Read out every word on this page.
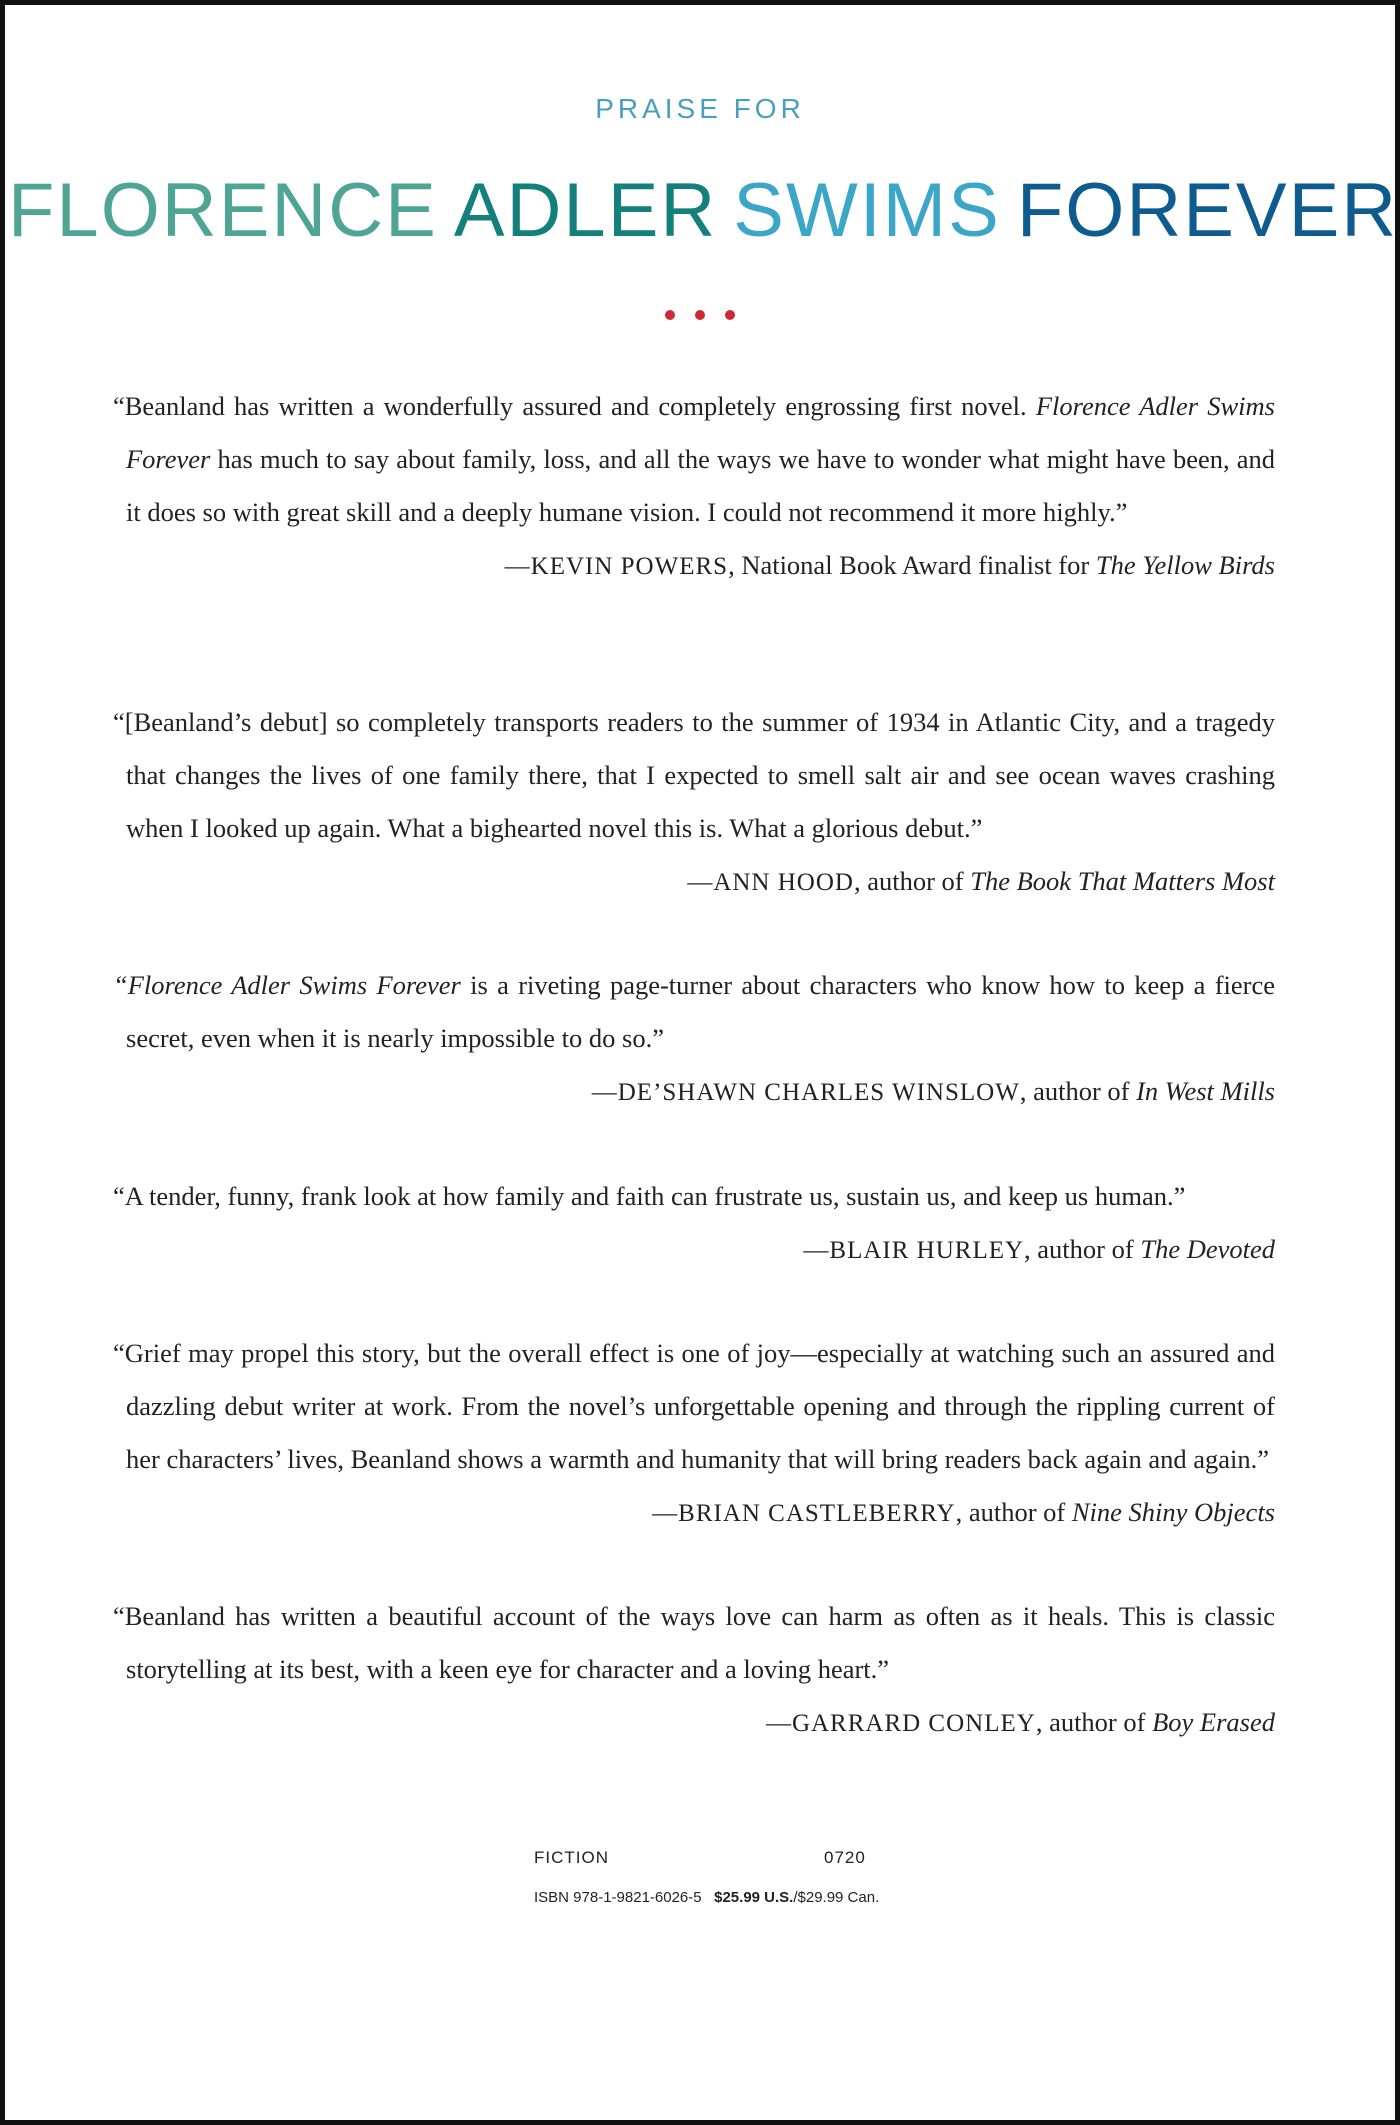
PRAISE FOR
FLORENCE ADLER SWIMS FOREVER

“Beanland has written a wonderfully assured and completely engrossing first novel. Florence Adler Swims Forever has much to say about family, loss, and all the ways we have to wonder what might have been, and it does so with great skill and a deeply humane vision. I could not recommend it more highly.”

—KEVIN POWERS, National Book Award finalist for The Yellow Birds

“[Beanland’s debut] so completely transports readers to the summer of 1934 in Atlantic City, and a tragedy that changes the lives of one family there, that I expected to smell salt air and see ocean waves crashing when I looked up again. What a bighearted novel this is. What a glorious debut.”

—ANN HOOD, author of The Book That Matters Most

“Florence Adler Swims Forever is a riveting page-turner about characters who know how to keep a fierce secret, even when it is nearly impossible to do so.”

—DE’SHAWN CHARLES WINSLOW, author of In West Mills

“A tender, funny, frank look at how family and faith can frustrate us, sustain us, and keep us human.”
—BLAIR HURLEY, author of The Devoted

“Grief may propel this story, but the overall effect is one of joy—especially at watching such an assured and dazzling debut writer at work. From the novel’s unforgettable opening and through the rippling current of her characters’ lives, Beanland shows a warmth and humanity that will bring readers back again and again.”
—BRIAN CASTLEBERRY, author of Nine Shiny Objects

“Beanland has written a beautiful account of the ways love can harm as often as it heals. This is classic storytelling at its best, with a keen eye for character and a loving heart.”

—GARRARD CONLEY, author of Boy Erased

FICTION	0720
ISBN 978-1-9821-6026-5 $25.99 U.S./$29.99 Can.
